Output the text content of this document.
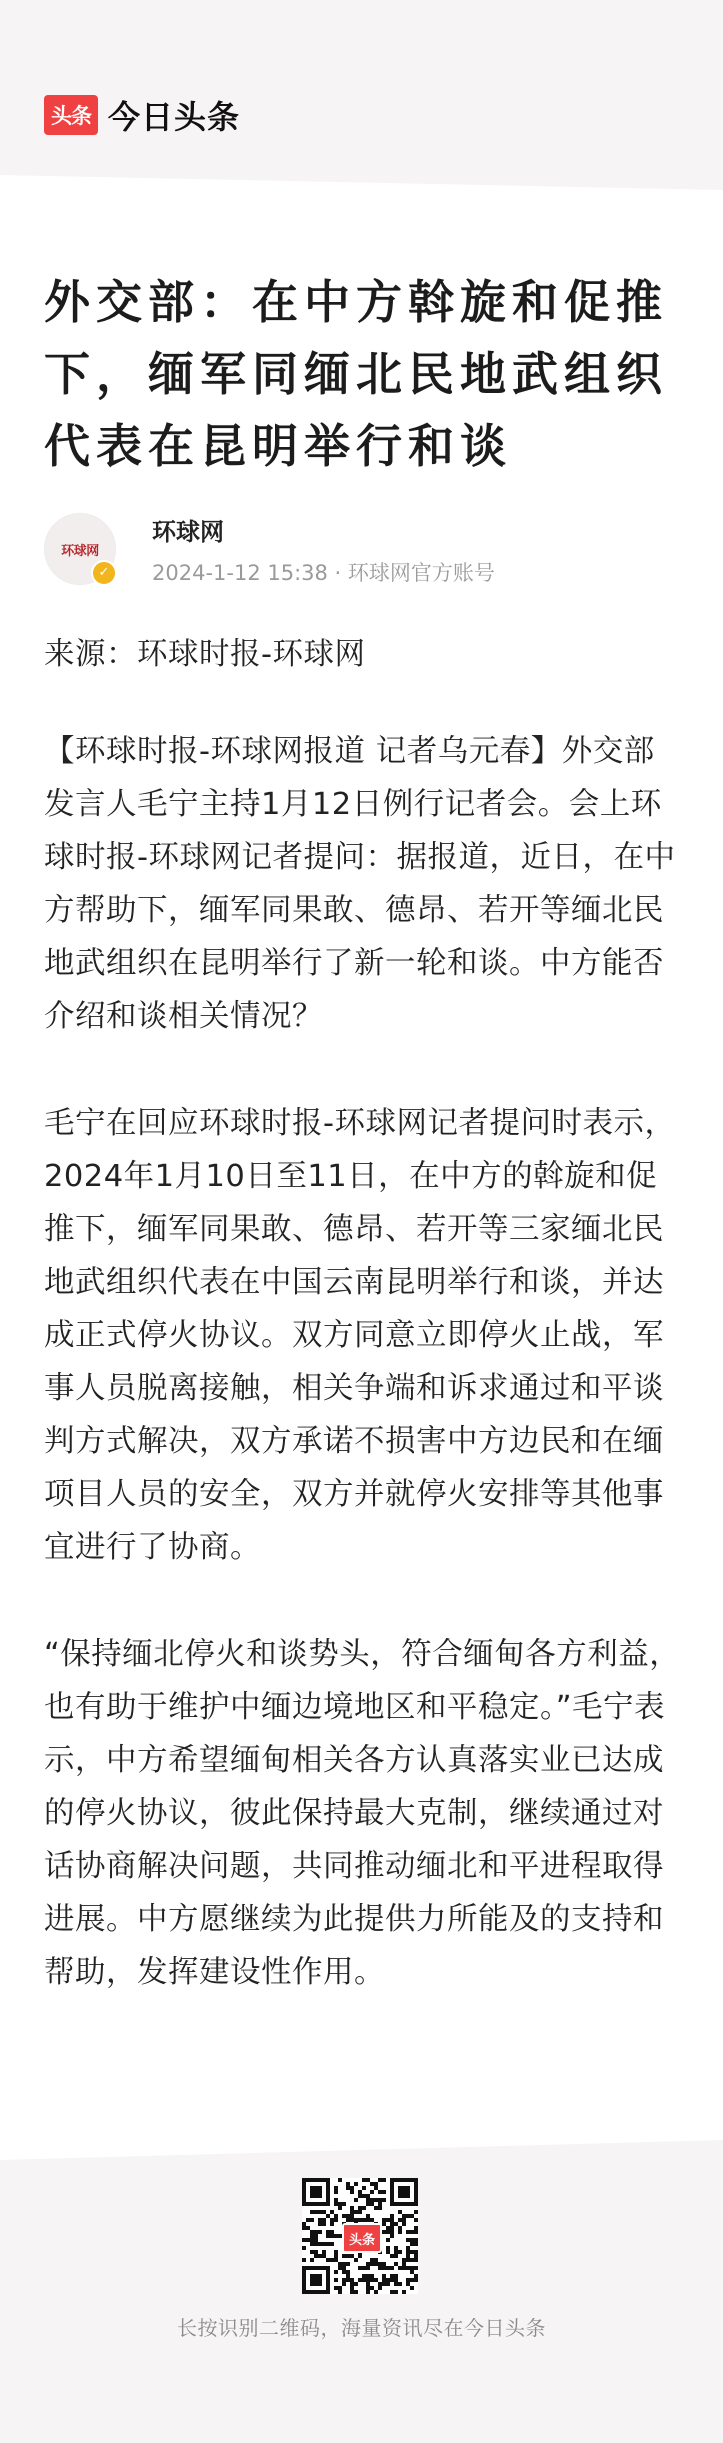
头条 今日头条
外交部：在中方斡旋和促推下，缅军同缅北民地武组织代表在昆明举行和谈
环球网
✓
环球网
2024-1-12 15:38 · 环球网官方账号

来源：环球时报-环球网

【环球时报-环球网报道 记者乌元春】外交部发言人毛宁主持1月12日例行记者会。会上环球时报-环球网记者提问：据报道，近日，在中方帮助下，缅军同果敢、德昂、若开等缅北民地武组织在昆明举行了新一轮和谈。中方能否介绍和谈相关情况？

毛宁在回应环球时报-环球网记者提问时表示，2024年1月10日至11日，在中方的斡旋和促推下，缅军同果敢、德昂、若开等三家缅北民地武组织代表在中国云南昆明举行和谈，并达成正式停火协议。双方同意立即停火止战，军事人员脱离接触，相关争端和诉求通过和平谈判方式解决，双方承诺不损害中方边民和在缅项目人员的安全，双方并就停火安排等其他事宜进行了协商。

“保持缅北停火和谈势头，符合缅甸各方利益，也有助于维护中缅边境地区和平稳定。”毛宁表示，中方希望缅甸相关各方认真落实业已达成的停火协议，彼此保持最大克制，继续通过对话协商解决问题，共同推动缅北和平进程取得进展。中方愿继续为此提供力所能及的支持和帮助，发挥建设性作用。

头条
长按识别二维码，海量资讯尽在今日头条
